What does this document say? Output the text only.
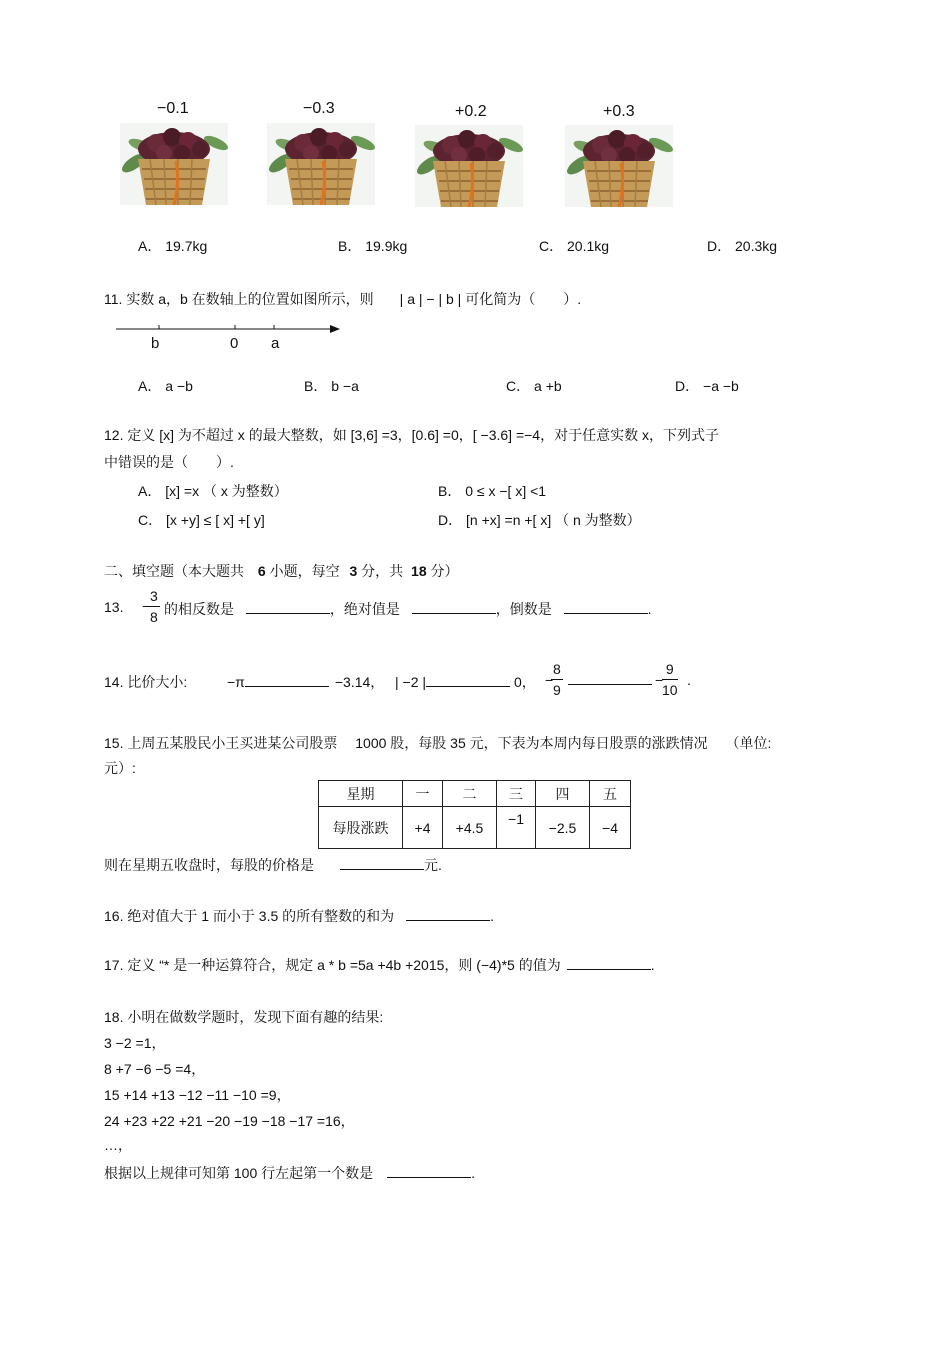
−0.1	−0.3	+0.2	+0.3
A． 19.7kg	B． 19.9kg	C． 20.1kg	D． 20.3kg
11. 实数 a，b 在数轴上的位置如图所示，则 | a | − | b | 可化简为（　　）.
b	0 a
A． a −b	B． b −a	C． a +b	D． −a −b
12. 定义 [x] 为不超过 x 的最大整数，如 [3,6] =3，[0.6] =0，[ −3.6] =−4，对于任意实数 x，下列式子
中错误的是（　　）.
A． [x] =x （ x 为整数）	B． 0 ≤ x −[ x] <1
C． [x +y] ≤ [ x] +[ y]	D． [n +x] =n +[ x] （ n 为整数）
二、填空题（本大题共 6 小题，每空 3 分，共 18 分）
13. −
$\frac{3}{8}$ 的相反数是	，绝对值是	，倒数是	.
14. 比价大小:	−π	−3.14， | −2 |	0， −
$\frac{8}{9}$	−
$\frac{9}{10}$ .
15. 上周五某股民小王买进某公司股票　 1000 股，每股 35 元，下表为本周内每日股票的涨跌情况　 （单位:
元）:
星期	一	二	三	四	五
每股涨跌	+4	+4.5	−1	−2.5	−4
则在星期五收盘时，每股的价格是	元.
16. 绝对值大于 1 而小于 3.5 的所有整数的和为	.
17. 定义 “* 是一种运算符合，规定 a * b =5a +4b +2015，则 (−4)*5 的值为	.
18. 小明在做数学题时，发现下面有趣的结果:
3 −2 =1，
8 +7 −6 −5 =4，
15 +14 +13 −12 −11 −10 =9，
24 +23 +22 +21 −20 −19 −18 −17 =16，
…，
根据以上规律可知第 100 行左起第一个数是	.
